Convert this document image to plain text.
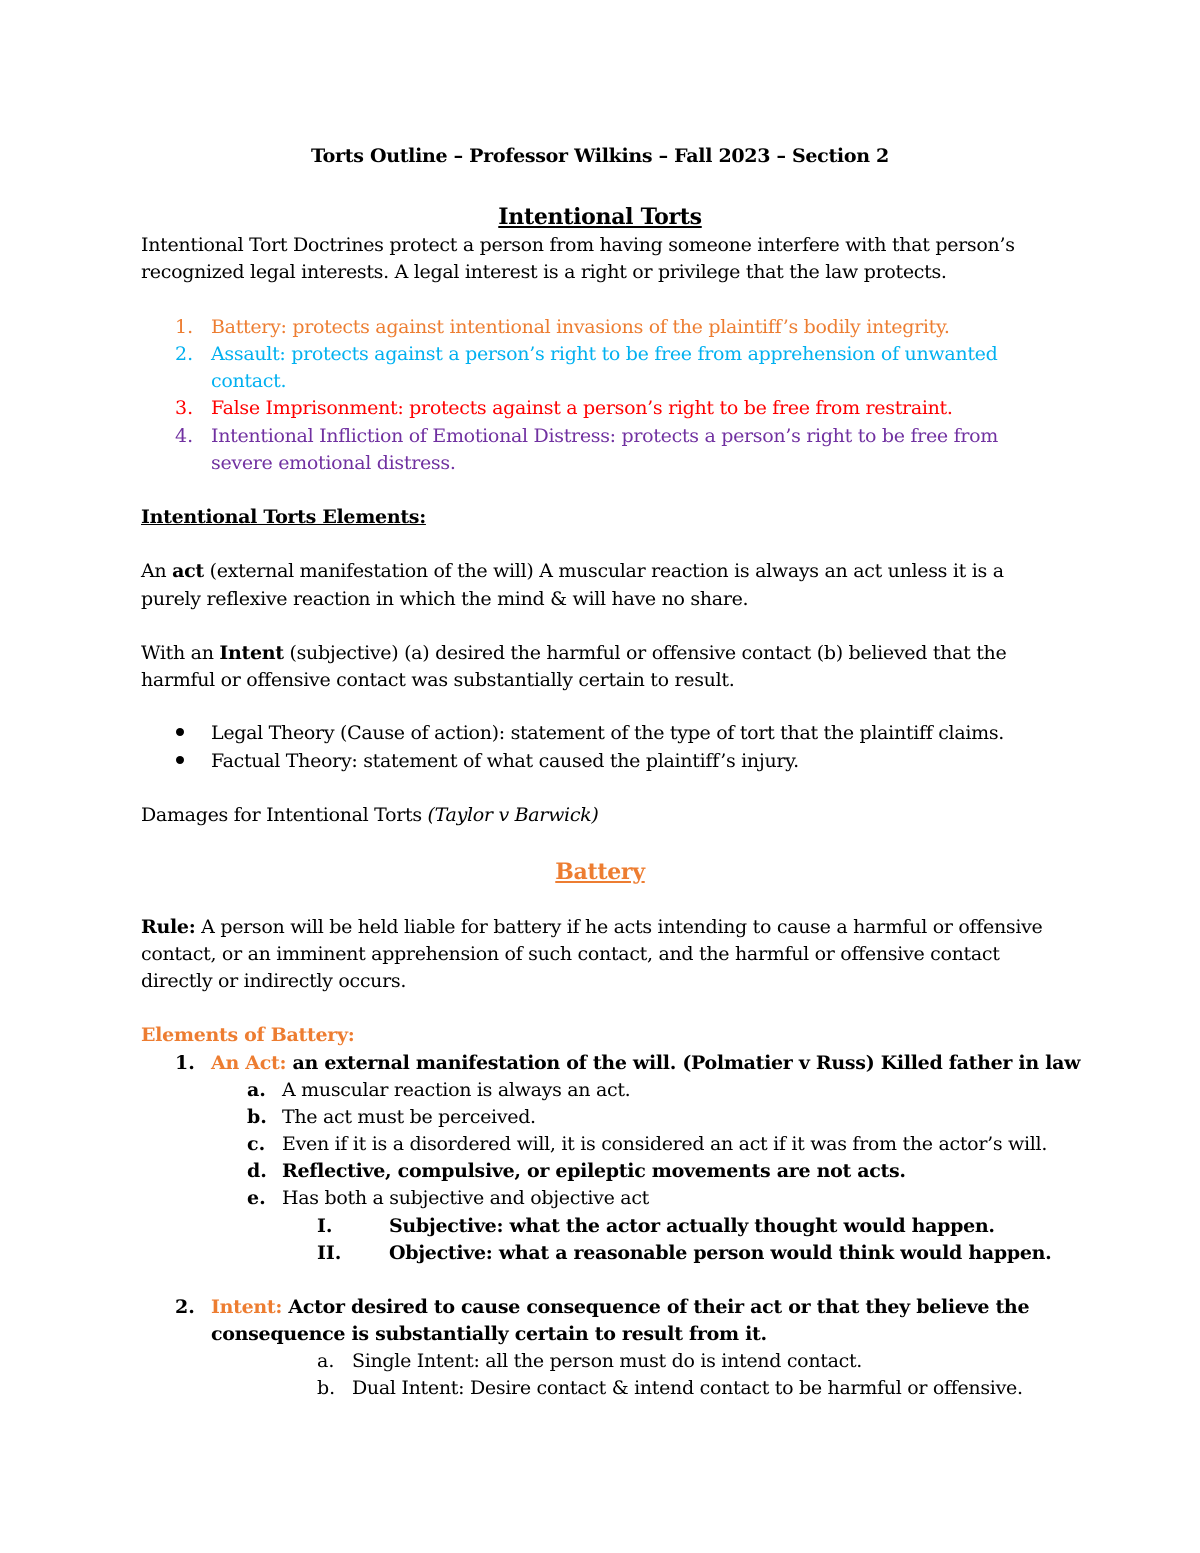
Torts Outline – Professor Wilkins – Fall 2023 – Section 2
Intentional Torts
Intentional Tort Doctrines protect a person from having someone interfere with that person’s
recognized legal interests. A legal interest is a right or privilege that the law protects.
1. Battery: protects against intentional invasions of the plaintiff’s bodily integrity.
2. Assault: protects against a person’s right to be free from apprehension of unwanted
contact.
3. False Imprisonment: protects against a person’s right to be free from restraint.
4. Intentional Infliction of Emotional Distress: protects a person’s right to be free from
severe emotional distress.
Intentional Torts Elements:
An act (external manifestation of the will) A muscular reaction is always an act unless it is a
purely reflexive reaction in which the mind & will have no share.
With an Intent (subjective) (a) desired the harmful or offensive contact (b) believed that the
harmful or offensive contact was substantially certain to result.
Legal Theory (Cause of action): statement of the type of tort that the plaintiff claims.
Factual Theory: statement of what caused the plaintiff’s injury.
Damages for Intentional Torts (Taylor v Barwick)
Battery
Rule: A person will be held liable for battery if he acts intending to cause a harmful or offensive
contact, or an imminent apprehension of such contact, and the harmful or offensive contact
directly or indirectly occurs.
Elements of Battery:
1. An Act: an external manifestation of the will. (Polmatier v Russ) Killed father in law
a. A muscular reaction is always an act.
b. The act must be perceived.
c. Even if it is a disordered will, it is considered an act if it was from the actor’s will.
d. Reflective, compulsive, or epileptic movements are not acts.
e. Has both a subjective and objective act
I.	Subjective: what the actor actually thought would happen.
II.	Objective: what a reasonable person would think would happen.
2. Intent: Actor desired to cause consequence of their act or that they believe the
consequence is substantially certain to result from it.
a. Single Intent: all the person must do is intend contact.
b. Dual Intent: Desire contact & intend contact to be harmful or offensive.
